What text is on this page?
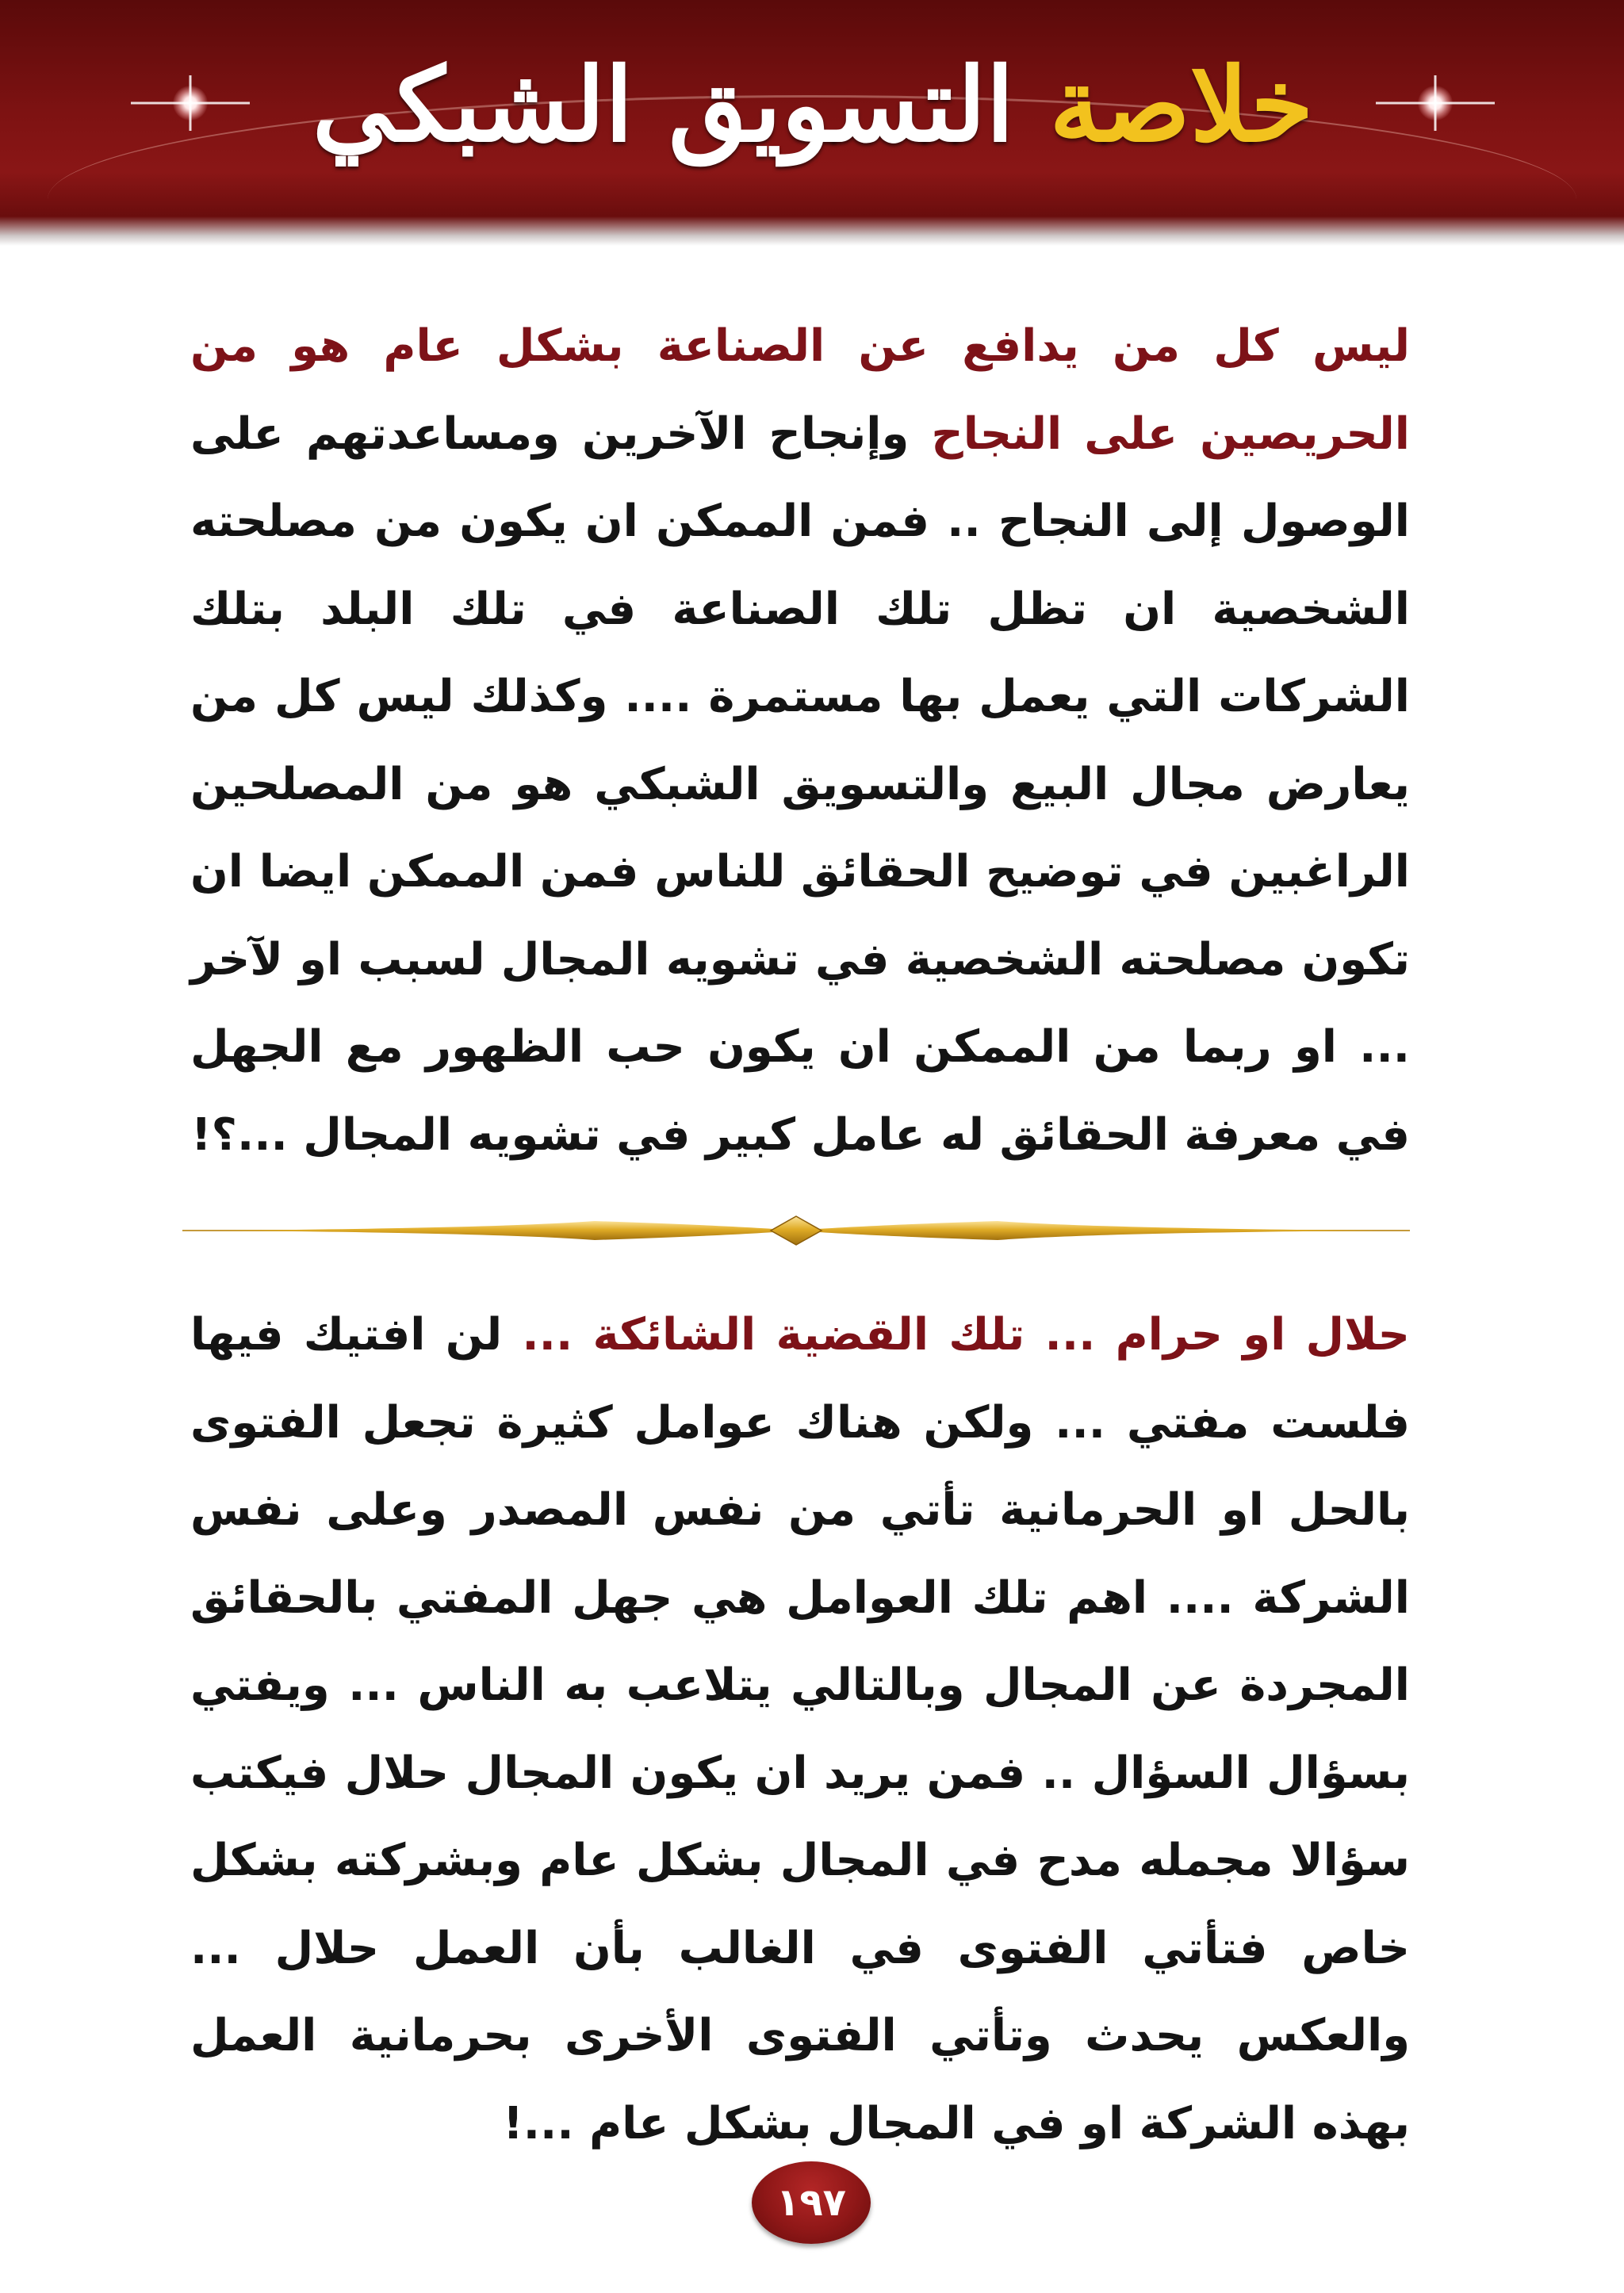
خلاصة التسويق الشبكي

ليس كل من يدافع عن الصناعة بشكل عام هو من الحريصين على النجاح وإنجاح الآخرين ومساعدتهم على الوصول إلى النجاح .. فمن الممكن ان يكون من مصلحته الشخصية ان تظل تلك الصناعة في تلك البلد بتلك الشركات التي يعمل بها مستمرة .... وكذلك ليس كل من يعارض مجال البيع والتسويق الشبكي هو من المصلحين الراغبين في توضيح الحقائق للناس فمن الممكن ايضا ان تكون مصلحته الشخصية في تشويه المجال لسبب او لآخر ... او ربما من الممكن ان يكون حب الظهور مع الجهل في معرفة الحقائق له عامل كبير في تشويه المجال ...؟!

حلال او حرام ... تلك القضية الشائكة ... لن افتيك فيها فلست مفتي ... ولكن هناك عوامل كثيرة تجعل الفتوى بالحل او الحرمانية تأتي من نفس المصدر وعلى نفس الشركة .... اهم تلك العوامل هي جهل المفتي بالحقائق المجردة عن المجال وبالتالي يتلاعب به الناس ... ويفتي بسؤال السؤال .. فمن يريد ان يكون المجال حلال فيكتب سؤالا مجمله مدح في المجال بشكل عام وبشركته بشكل خاص فتأتي الفتوى في الغالب بأن العمل حلال ... والعكس يحدث وتأتي الفتوى الأخرى بحرمانية العمل بهذه الشركة او في المجال بشكل عام ...!

١٩٧
